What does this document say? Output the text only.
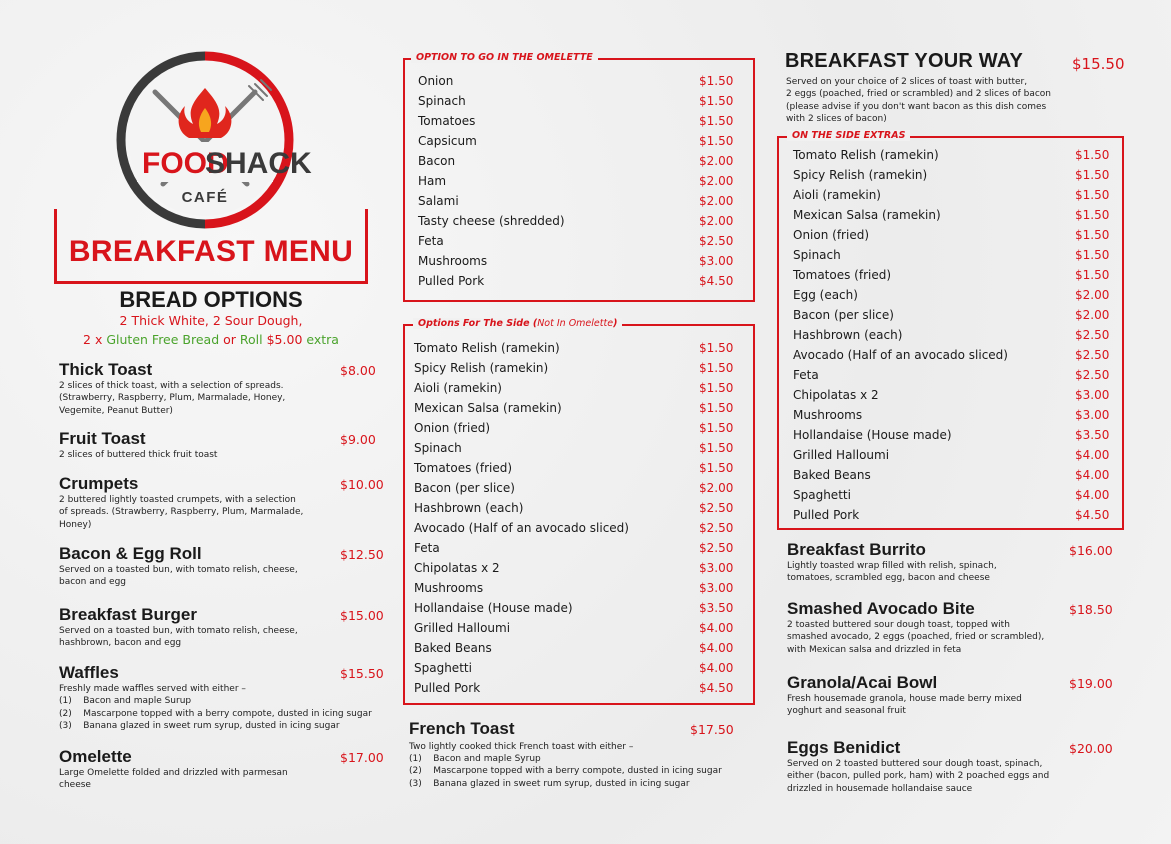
FOOD
SHACK
CAFÉ
BREAKFAST MENU
BREAD OPTIONS
2 Thick White, 2 Sour Dough,
2 x Gluten Free Bread or Roll $5.00 extra
Thick Toast	$8.00
2 slices of thick toast, with a selection of spreads.
(Strawberry, Raspberry, Plum, Marmalade, Honey,
Vegemite, Peanut Butter)
Fruit Toast	$9.00
2 slices of buttered thick fruit toast
Crumpets	$10.00
2 buttered lightly toasted crumpets, with a selection
of spreads. (Strawberry, Raspberry, Plum, Marmalade,
Honey)
Bacon & Egg Roll	$12.50
Served on a toasted bun, with tomato relish, cheese,
bacon and egg
Breakfast Burger	$15.00
Served on a toasted bun, with tomato relish, cheese,
hashbrown, bacon and egg
Waffles	$15.50
Freshly made waffles served with either –
(1)    Bacon and maple Surup
(2)    Mascarpone topped with a berry compote, dusted in icing sugar
(3)    Banana glazed in sweet rum syrup, dusted in icing sugar
Omelette	$17.00
Large Omelette folded and drizzled with parmesan
cheese
OPTION TO GO IN THE OMELETTE
Onion	$1.50
Spinach	$1.50
Tomatoes	$1.50
Capsicum	$1.50
Bacon	$2.00
Ham	$2.00
Salami	$2.00
Tasty cheese (shredded)	$2.00
Feta	$2.50
Mushrooms	$3.00
Pulled Pork	$4.50
Options For The Side (Not In Omelette)
Tomato Relish (ramekin)	$1.50
Spicy Relish (ramekin)	$1.50
Aioli (ramekin)	$1.50
Mexican Salsa (ramekin)	$1.50
Onion (fried)	$1.50
Spinach	$1.50
Tomatoes (fried)	$1.50
Bacon (per slice)	$2.00
Hashbrown (each)	$2.50
Avocado (Half of an avocado sliced)	$2.50
Feta	$2.50
Chipolatas x 2	$3.00
Mushrooms	$3.00
Hollandaise (House made)	$3.50
Grilled Halloumi	$4.00
Baked Beans	$4.00
Spaghetti	$4.00
Pulled Pork	$4.50
French Toast	$17.50
Two lightly cooked thick French toast with either –
(1)    Bacon and maple Syrup
(2)    Mascarpone topped with a berry compote, dusted in icing sugar
(3)    Banana glazed in sweet rum syrup, dusted in icing sugar
BREAKFAST YOUR WAY	$15.50
Served on your choice of 2 slices of toast with butter,
2 eggs (poached, fried or scrambled) and 2 slices of bacon
(please advise if you don't want bacon as this dish comes
with 2 slices of bacon)
ON THE SIDE EXTRAS
Tomato Relish (ramekin)	$1.50
Spicy Relish (ramekin)	$1.50
Aioli (ramekin)	$1.50
Mexican Salsa (ramekin)	$1.50
Onion (fried)	$1.50
Spinach	$1.50
Tomatoes (fried)	$1.50
Egg (each)	$2.00
Bacon (per slice)	$2.00
Hashbrown (each)	$2.50
Avocado (Half of an avocado sliced)	$2.50
Feta	$2.50
Chipolatas x 2	$3.00
Mushrooms	$3.00
Hollandaise (House made)	$3.50
Grilled Halloumi	$4.00
Baked Beans	$4.00
Spaghetti	$4.00
Pulled Pork	$4.50
Breakfast Burrito	$16.00
Lightly toasted wrap filled with relish, spinach,
tomatoes, scrambled egg, bacon and cheese
Smashed Avocado Bite	$18.50
2 toasted buttered sour dough toast, topped with
smashed avocado, 2 eggs (poached, fried or scrambled),
with Mexican salsa and drizzled in feta
Granola/Acai Bowl	$19.00
Fresh housemade granola, house made berry mixed
yoghurt and seasonal fruit
Eggs Benidict	$20.00
Served on 2 toasted buttered sour dough toast, spinach,
either (bacon, pulled pork, ham) with 2 poached eggs and
drizzled in housemade hollandaise sauce
